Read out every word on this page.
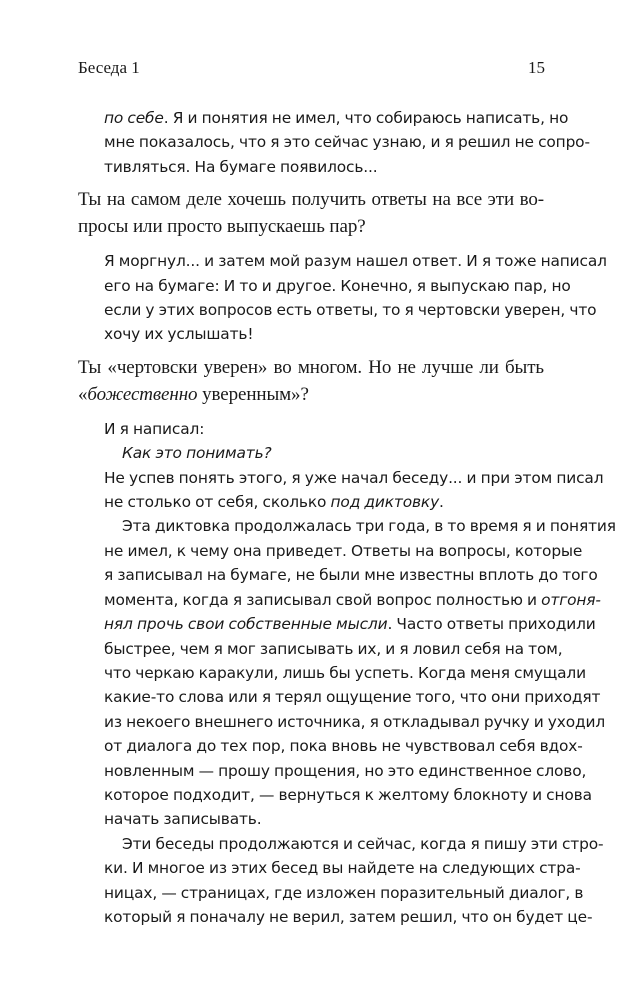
Беседа 1	15
по себе. Я и понятия не имел, что собираюсь написать, но
мне показалось, что я это сейчас узнаю, и я решил не сопро-
тивляться. На бумаге появилось...
Ты на самом деле хочешь получить ответы на все эти во-
просы или просто выпускаешь пар?
Я моргнул... и затем мой разум нашел ответ. И я тоже написал
его на бумаге: И то и другое. Конечно, я выпускаю пар, но
если у этих вопросов есть ответы, то я чертовски уверен, что
хочу их услышать!
Ты «чертовски уверен» во многом. Но не лучше ли быть
«божественно уверенным»?
И я написал:
Как это понимать?
Не успев понять этого, я уже начал беседу... и при этом писал
не столько от себя, сколько под диктовку.
Эта диктовка продолжалась три года, в то время я и понятия
не имел, к чему она приведет. Ответы на вопросы, которые
я записывал на бумаге, не были мне известны вплоть до того
момента, когда я записывал свой вопрос полностью и отгоня-
нял прочь свои собственные мысли. Часто ответы приходили
быстрее, чем я мог записывать их, и я ловил себя на том,
что черкаю каракули, лишь бы успеть. Когда меня смущали
какие-то слова или я терял ощущение того, что они приходят
из некоего внешнего источника, я откладывал ручку и уходил
от диалога до тех пор, пока вновь не чувствовал себя вдох-
новленным — прошу прощения, но это единственное слово,
которое подходит, — вернуться к желтому блокноту и снова
начать записывать.
Эти беседы продолжаются и сейчас, когда я пишу эти стро-
ки. И многое из этих бесед вы найдете на следующих стра-
ницах, — страницах, где изложен поразительный диалог, в
который я поначалу не верил, затем решил, что он будет це-
